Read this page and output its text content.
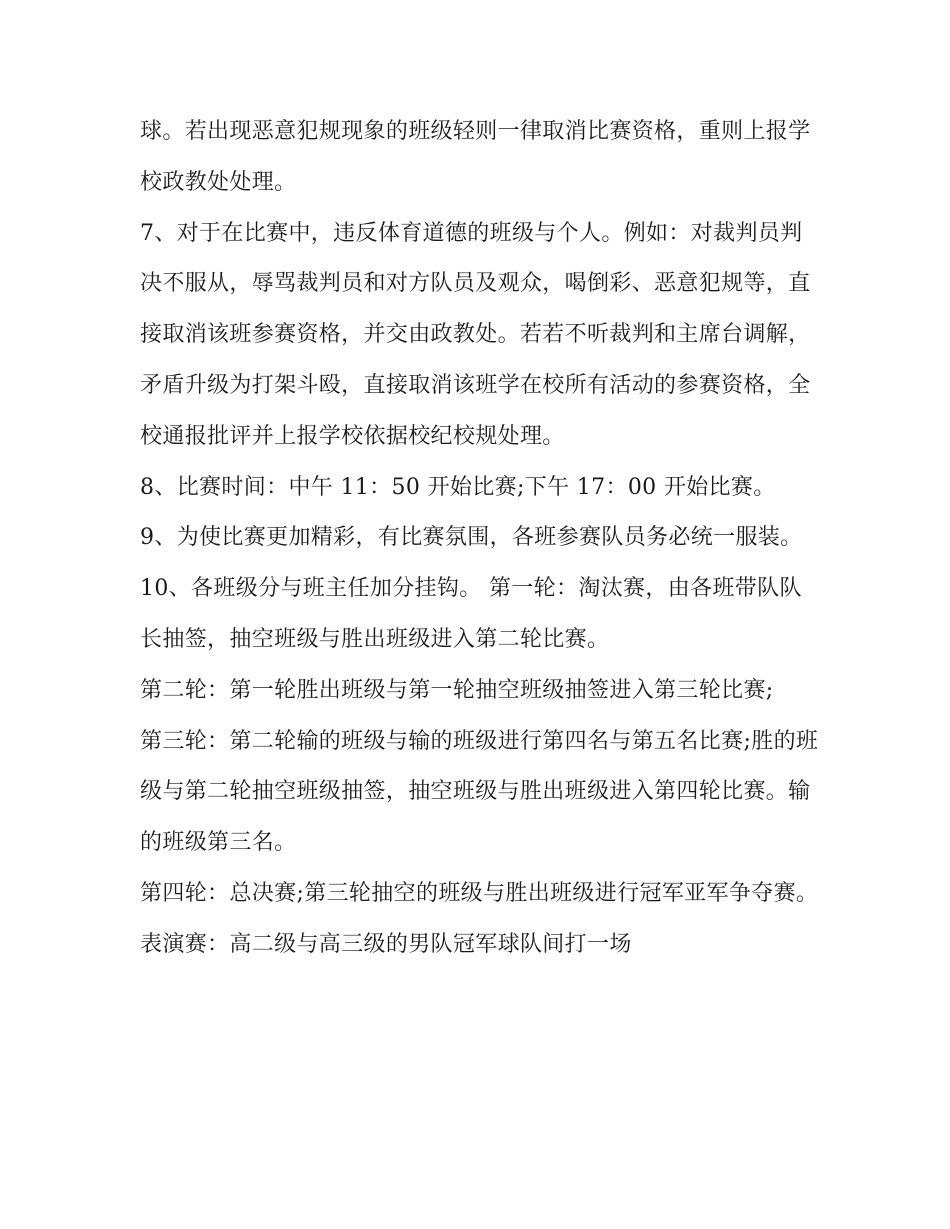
球。若出现恶意犯规现象的班级轻则一律取消比赛资格，重则上报学校政教处处理。

7、对于在比赛中，违反体育道德的班级与个人。例如：对裁判员判决不服从，辱骂裁判员和对方队员及观众，喝倒彩、恶意犯规等，直接取消该班参赛资格，并交由政教处。若若不听裁判和主席台调解，矛盾升级为打架斗殴，直接取消该班学在校所有活动的参赛资格，全校通报批评并上报学校依据校纪校规处理。

8、比赛时间：中午 11：50 开始比赛;下午 17：00 开始比赛。

9、为使比赛更加精彩，有比赛氛围，各班参赛队员务必统一服装。

10、各班级分与班主任加分挂钩。 第一轮：淘汰赛，由各班带队队长抽签，抽空班级与胜出班级进入第二轮比赛。

第二轮：第一轮胜出班级与第一轮抽空班级抽签进入第三轮比赛;

第三轮：第二轮输的班级与输的班级进行第四名与第五名比赛;胜的班级与第二轮抽空班级抽签，抽空班级与胜出班级进入第四轮比赛。输的班级第三名。

第四轮：总决赛;第三轮抽空的班级与胜出班级进行冠军亚军争夺赛。 表演赛：高二级与高三级的男队冠军球队间打一场
